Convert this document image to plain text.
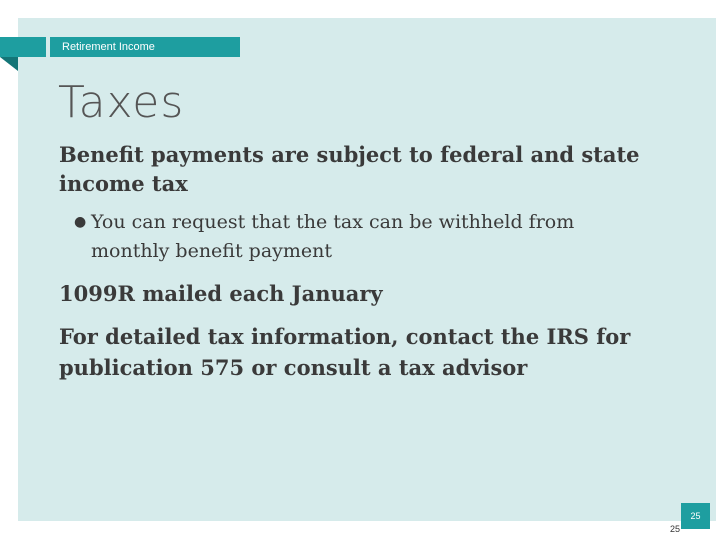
Retirement Income
Taxes
Benefit payments are subject to federal and state income tax
● You can request that the tax can be withheld from monthly benefit payment
1099R mailed each January
For detailed tax information, contact the IRS for publication 575 or consult a tax advisor
25
25
